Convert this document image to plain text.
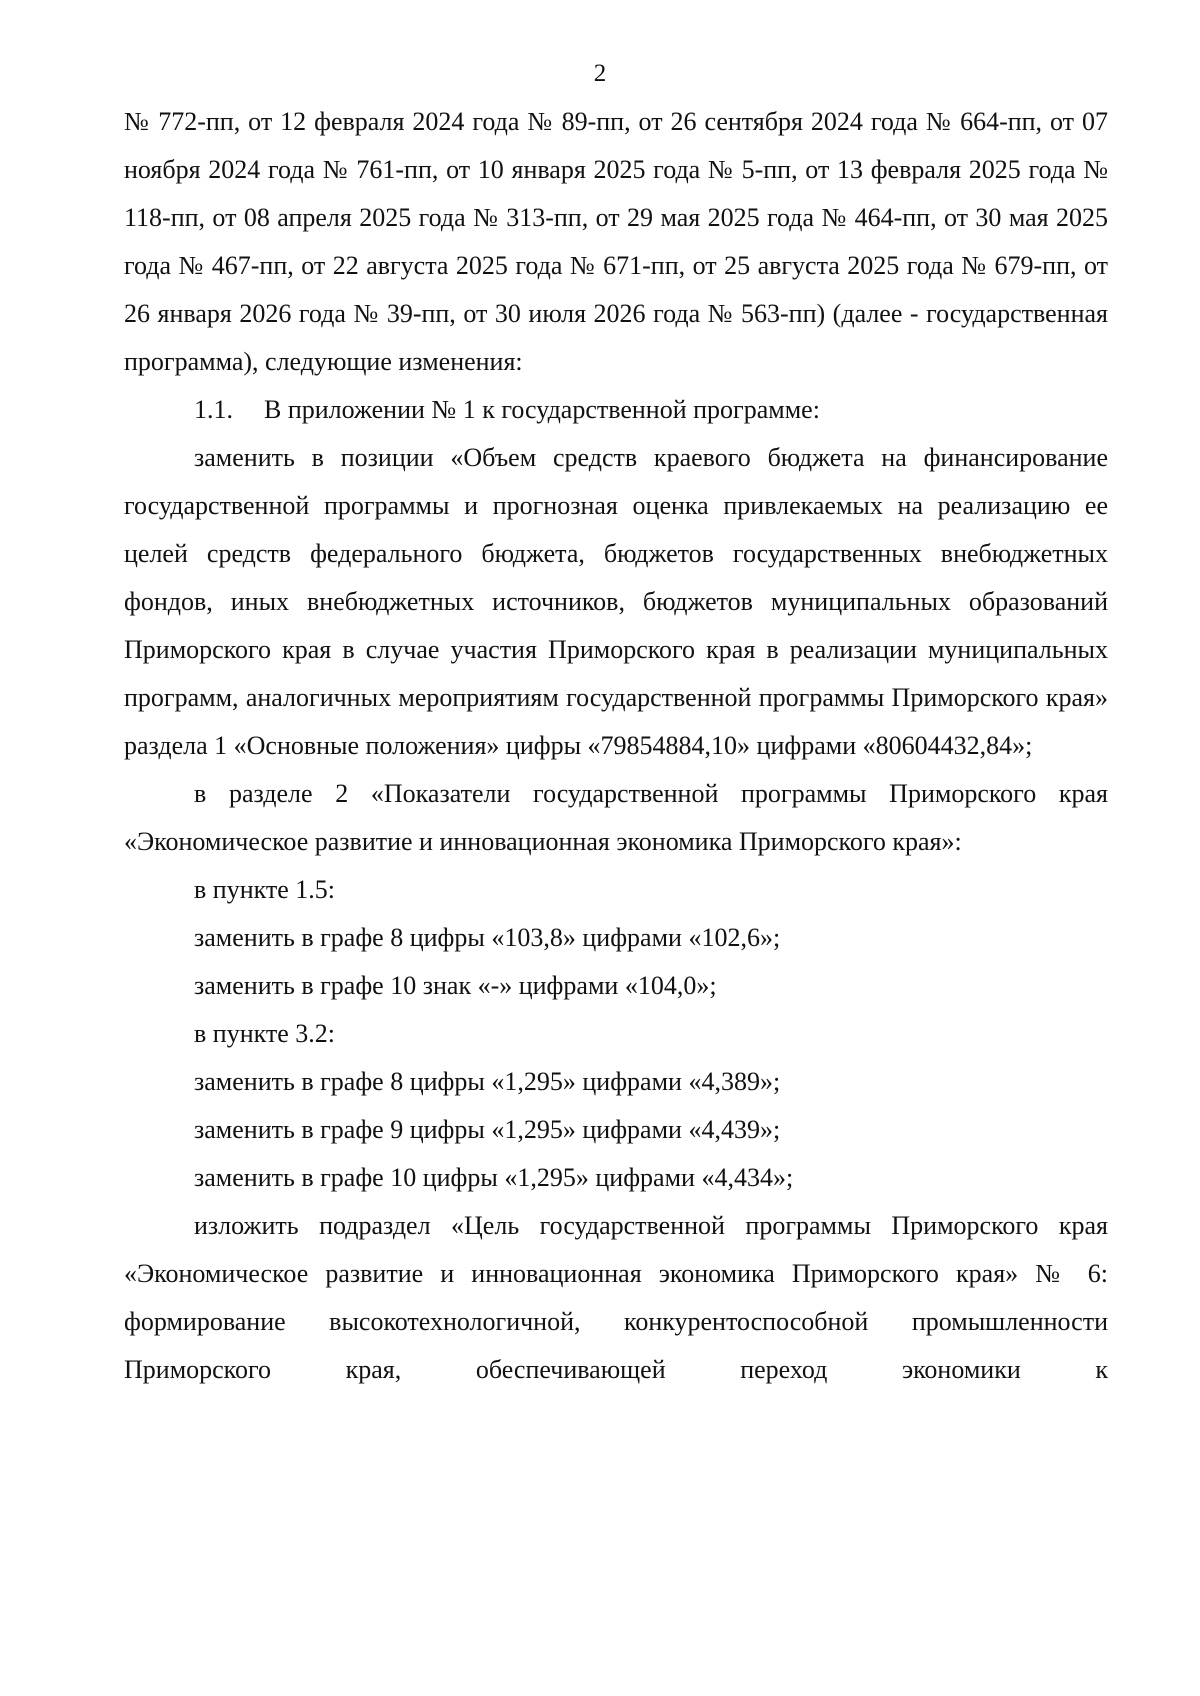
2

№ 772-пп, от 12 февраля 2024 года № 89-пп, от 26 сентября 2024 года № 664-пп, от 07 ноября 2024 года № 761-пп, от 10 января 2025 года № 5-пп, от 13 февраля 2025 года № 118-пп, от 08 апреля 2025 года № 313-пп, от 29 мая 2025 года № 464-пп, от 30 мая 2025 года № 467-пп, от 22 августа 2025 года № 671-пп, от 25 августа 2025 года № 679-пп, от 26 января 2026 года № 39-пп, от 30 июля 2026 года № 563-пп) (далее - государственная программа), следующие изменения:

1.1. В приложении № 1 к государственной программе:

заменить в позиции «Объем средств краевого бюджета на финансирование государственной программы и прогнозная оценка привлекаемых на реализацию ее целей средств федерального бюджета, бюджетов государственных внебюджетных фондов, иных внебюджетных источников, бюджетов муниципальных образований Приморского края в случае участия Приморского края в реализации муниципальных программ, аналогичных мероприятиям государственной программы Приморского края» раздела 1 «Основные положения» цифры «79854884,10» цифрами «80604432,84»;

в разделе 2 «Показатели государственной программы Приморского края «Экономическое развитие и инновационная экономика Приморского края»:

в пункте 1.5:

заменить в графе 8 цифры «103,8» цифрами «102,6»;

заменить в графе 10 знак «-» цифрами «104,0»;

в пункте 3.2:

заменить в графе 8 цифры «1,295» цифрами «4,389»;

заменить в графе 9 цифры «1,295» цифрами «4,439»;

заменить в графе 10 цифры «1,295» цифрами «4,434»;

изложить подраздел «Цель государственной программы Приморского края «Экономическое развитие и инновационная экономика Приморского края» № 6: формирование высокотехнологичной, конкурентоспособной промышленности Приморского края, обеспечивающей переход экономики к
